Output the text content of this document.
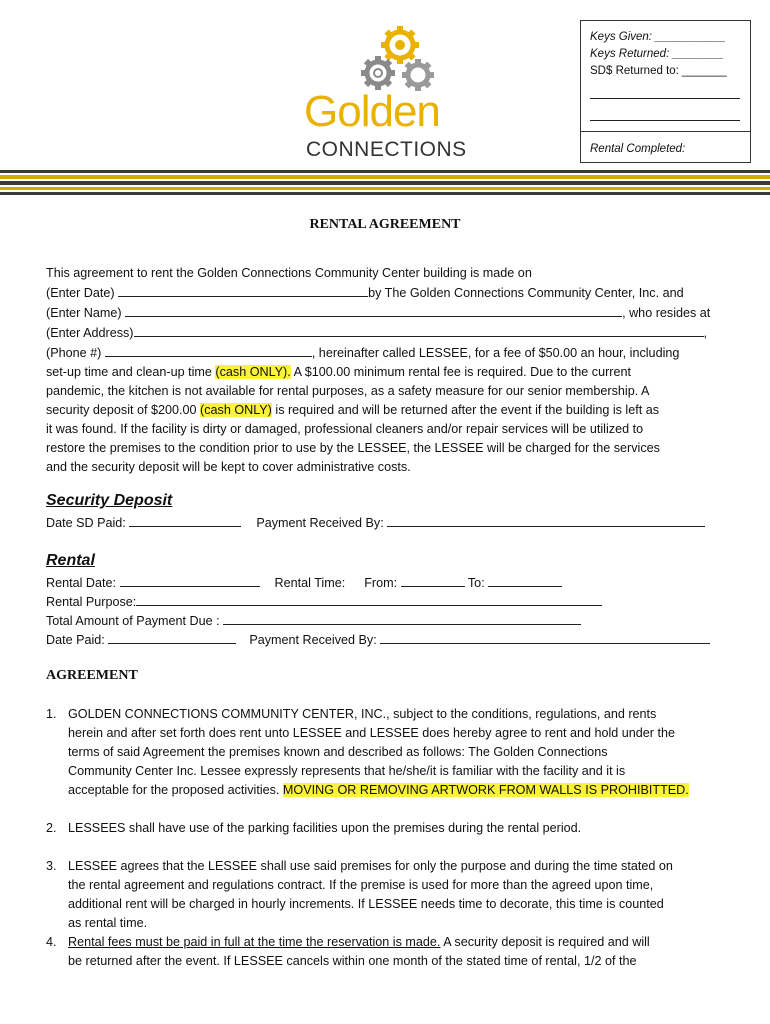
Golden
CONNECTIONS
Keys Given: ___________
Keys Returned: ________
SD$ Returned to: _______
Rental Completed:
RENTAL AGREEMENT
This agreement to rent the Golden Connections Community Center building is made on
(Enter Date)	by The Golden Connections Community Center, Inc. and
(Enter Name)	, who resides at
(Enter Address)	,
(Phone #)	, hereinafter called LESSEE, for a fee of $50.00 an hour, including
set-up time and clean-up time (cash ONLY). A $100.00 minimum rental fee is required. Due to the current
pandemic, the kitchen is not available for rental purposes, as a safety measure for our senior membership. A
security deposit of $200.00 (cash ONLY) is required and will be returned after the event if the building is left as
it was found. If the facility is dirty or damaged, professional cleaners and/or repair services will be utilized to
restore the premises to the condition prior to use by the LESSEE, the LESSEE will be charged for the services
and the security deposit will be kept to cover administrative costs.
Security Deposit
Date SD Paid:	Payment Received By:
Rental
Rental Date:	Rental Time: From:	To:
Rental Purpose:
Total Amount of Payment Due :
Date Paid:	Payment Received By:
AGREEMENT
1. GOLDEN CONNECTIONS COMMUNITY CENTER, INC., subject to the conditions, regulations, and rents
herein and after set forth does rent unto LESSEE and LESSEE does hereby agree to rent and hold under the
terms of said Agreement the premises known and described as follows: The Golden Connections
Community Center Inc. Lessee expressly represents that he/she/it is familiar with the facility and it is
acceptable for the proposed activities. MOVING OR REMOVING ARTWORK FROM WALLS IS PROHIBITTED.
2. LESSEES shall have use of the parking facilities upon the premises during the rental period.
3. LESSEE agrees that the LESSEE shall use said premises for only the purpose and during the time stated on
the rental agreement and regulations contract. If the premise is used for more than the agreed upon time,
additional rent will be charged in hourly increments. If LESSEE needs time to decorate, this time is counted
as rental time.
4. Rental fees must be paid in full at the time the reservation is made. A security deposit is required and will
be returned after the event. If LESSEE cancels within one month of the stated time of rental, 1/2 of the
